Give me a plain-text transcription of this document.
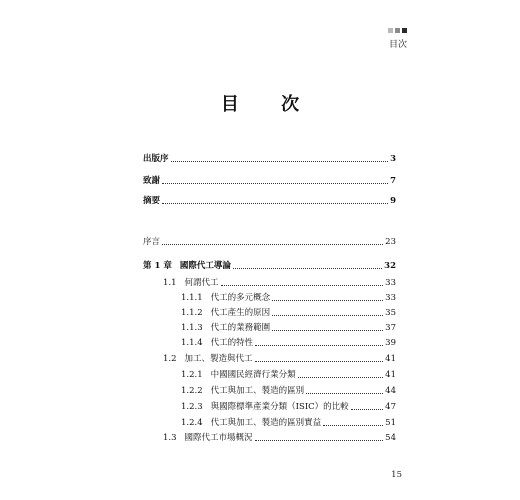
目次
目 次
出版序	3
致謝	7
摘要	9
序言	23
第 1 章 國際代工導論	32
1.1 何謂代工	33
1.1.1 代工的多元概念	33
1.1.2 代工產生的原因	35
1.1.3 代工的業務範圍	37
1.1.4 代工的特性	39
1.2 加工、製造與代工	41
1.2.1 中國國民經濟行業分類	41
1.2.2 代工與加工、製造的區別	44
1.2.3 與國際標準產業分類（ISIC）的比較	47
1.2.4 代工與加工、製造的區別實益	51
1.3 國際代工市場概況	54
15
